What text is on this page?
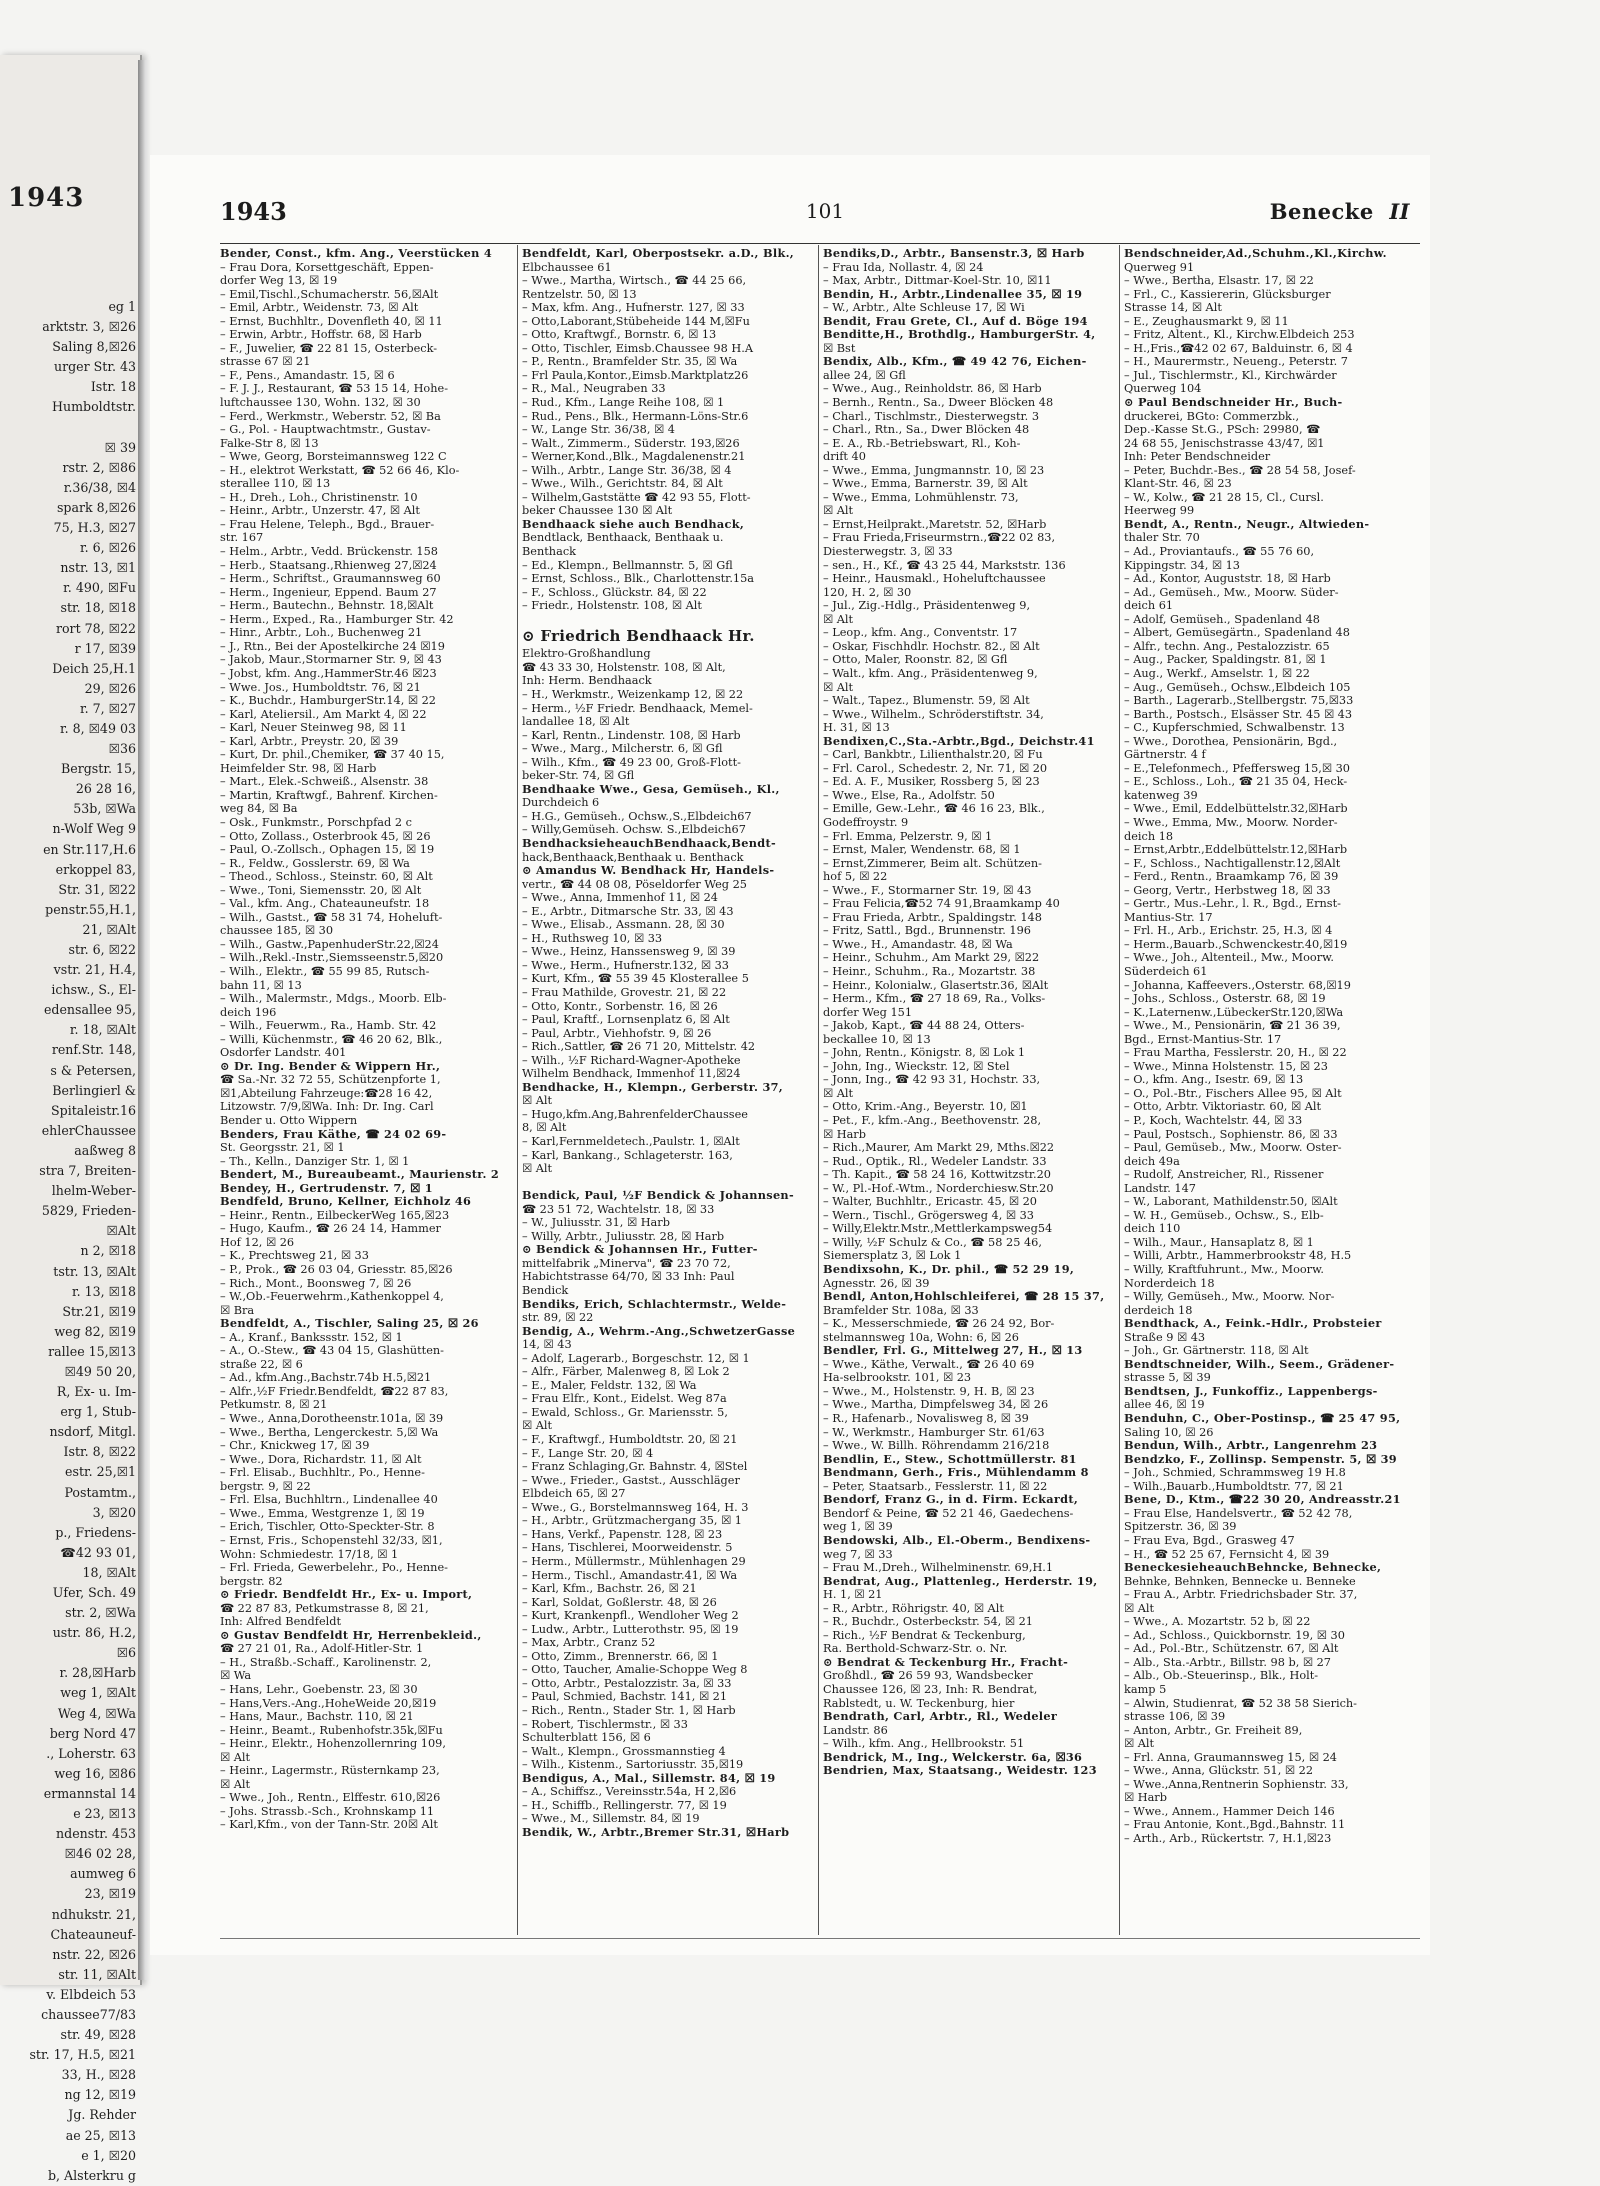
1943
eg 1
arktstr. 3, ☒26
Saling 8,☒26
urger Str. 43
Istr. 18
Humboldtstr.

☒ 39
rstr. 2, ☒86
r.36/38, ☒4
spark 8,☒26
75, H.3, ☒27
r. 6, ☒26
nstr. 13, ☒1
r. 490, ☒Fu
str. 18, ☒18
rort 78, ☒22
r 17, ☒39
Deich 25,H.1
29, ☒26
r. 7, ☒27
r. 8, ☒49 03
☒36
Bergstr. 15,
26 28 16,
53b, ☒Wa
n-Wolf Weg 9
en Str.117,H.6
erkoppel 83,
Str. 31, ☒22
penstr.55,H.1,
21, ☒Alt
str. 6, ☒22
vstr. 21, H.4,
ichsw., S., El-
edensallee 95,
r. 18, ☒Alt
renf.Str. 148,
s & Petersen,
Berlingierl &
Spitaleistr.16
ehlerChaussee
aaßweg 8
stra 7, Breiten-
lhelm-Weber-
5829, Frieden-
☒Alt
n 2, ☒18
tstr. 13, ☒Alt
r. 13, ☒18
Str.21, ☒19
weg 82, ☒19
rallee 15,☒13
☒49 50 20,
R, Ex- u. Im-
erg 1, Stub-
nsdorf, Mitgl.
Istr. 8, ☒22
estr. 25,☒1
Postamtm.,
3, ☒20
p., Friedens-
☎42 93 01,
18, ☒Alt
Ufer, Sch. 49
str. 2, ☒Wa
ustr. 86, H.2,
☒6
r. 28,☒Harb
weg 1, ☒Alt
Weg 4, ☒Wa
berg Nord 47
., Loherstr. 63
weg 16, ☒86
ermannstal 14
e 23, ☒13
ndenstr. 453
☒46 02 28,
aumweg 6
23, ☒19
ndhukstr. 21,
Chateauneuf-
nstr. 22, ☒26
str. 11, ☒Alt
v. Elbdeich 53
chaussee77/83
str. 49, ☒28
str. 17, H.5, ☒21
33, H., ☒28
ng 12, ☒19
Jg. Rehder
ae 25, ☒13
e 1, ☒20
b, Alsterkru g
1943	101	Benecke II
Bender, Const., kfm. Ang., Veerstücken 4
– Frau Dora, Korsettgeschäft, Eppen-
dorfer Weg 13, ☒ 19
– Emil,Tischl.,Schumacherstr. 56,☒Alt
– Emil, Arbtr., Weidenstr. 73, ☒ Alt
– Ernst, Buchhltr., Dovenfleth 40, ☒ 11
– Erwin, Arbtr., Hoffstr. 68, ☒ Harb
– F., Juwelier, ☎ 22 81 15, Osterbeck-
strasse 67 ☒ 21
– F., Pens., Amandastr. 15, ☒ 6
– F. J. J., Restaurant, ☎ 53 15 14, Hohe-
luftchaussee 130, Wohn. 132, ☒ 30
– Ferd., Werkmstr., Weberstr. 52, ☒ Ba
– G., Pol. - Hauptwachtmstr., Gustav-
Falke-Str 8, ☒ 13
– Wwe, Georg, Borsteimannsweg 122 C
– H., elektrot Werkstatt, ☎ 52 66 46, Klo-
sterallee 110, ☒ 13
– H., Dreh., Loh., Christinenstr. 10
– Heinr., Arbtr., Unzerstr. 47, ☒ Alt
– Frau Helene, Teleph., Bgd., Brauer-
str. 167
– Helm., Arbtr., Vedd. Brückenstr. 158
– Herb., Staatsang.,Rhienweg 27,☒24
– Herm., Schriftst., Graumannsweg 60
– Herm., Ingenieur, Eppend. Baum 27
– Herm., Bautechn., Behnstr. 18,☒Alt
– Herm., Exped., Ra., Hamburger Str. 42
– Hinr., Arbtr., Loh., Buchenweg 21
– J., Rtn., Bei der Apostelkirche 24 ☒19
– Jakob, Maur.,Stormarner Str. 9, ☒ 43
– Jobst, kfm. Ang.,HammerStr.46 ☒23
– Wwe. Jos., Humboldtstr. 76, ☒ 21
– K., Buchdr., HamburgerStr.14, ☒ 22
– Karl, Ateliersil., Am Markt 4, ☒ 22
– Karl, Neuer Steinweg 98, ☒ 11
– Karl, Arbtr., Preystr. 20, ☒ 39
– Kurt, Dr. phil.,Chemiker, ☎ 37 40 15,
Heimfelder Str. 98, ☒ Harb
– Mart., Elek.-Schweiß., Alsenstr. 38
– Martin, Kraftwgf., Bahrenf. Kirchen-
weg 84, ☒ Ba
– Osk., Funkmstr., Porschpfad 2 c
– Otto, Zollass., Osterbrook 45, ☒ 26
– Paul, O.-Zollsch., Ophagen 15, ☒ 19
– R., Feldw., Gosslerstr. 69, ☒ Wa
– Theod., Schloss., Steinstr. 60, ☒ Alt
– Wwe., Toni, Siemensstr. 20, ☒ Alt
– Val., kfm. Ang., Chateauneufstr. 18
– Wilh., Gastst., ☎ 58 31 74, Hoheluft-
chaussee 185, ☒ 30
– Wilh., Gastw.,PapenhuderStr.22,☒24
– Wilh.,Rekl.-Instr.,Siemsseenstr.5,☒20
– Wilh., Elektr., ☎ 55 99 85, Rutsch-
bahn 11, ☒ 13
– Wilh., Malermstr., Mdgs., Moorb. Elb-
deich 196
– Wilh., Feuerwm., Ra., Hamb. Str. 42
– Willi, Küchenmstr., ☎ 46 20 62, Blk.,
Osdorfer Landstr. 401
⊙ Dr. Ing. Bender & Wippern Hr.,
☎ Sa.-Nr. 32 72 55, Schützenpforte 1,
☒1,Abteilung Fahrzeuge:☎28 16 42,
Litzowstr. 7/9,☒Wa. Inh: Dr. Ing. Carl
Bender u. Otto Wippern
Benders, Frau Käthe, ☎ 24 02 69-
St. Georgsstr. 21, ☒ 1
– Th., Kelln., Danziger Str. 1, ☒ 1
Bendert, M., Bureaubeamt., Maurienstr. 2
Bendey, H., Gertrudenstr. 7, ☒ 1
Bendfeld, Bruno, Kellner, Eichholz 46
– Heinr., Rentn., EilbeckerWeg 165,☒23
– Hugo, Kaufm., ☎ 26 24 14, Hammer
Hof 12, ☒ 26
– K., Prechtsweg 21, ☒ 33
– P., Prok., ☎ 26 03 04, Griesstr. 85,☒26
– Rich., Mont., Boonsweg 7, ☒ 26
– W.,Ob.-Feuerwehrm.,Kathenkoppel 4,
☒ Bra
Bendfeldt, A., Tischler, Saling 25, ☒ 26
– A., Kranf., Bankssstr. 152, ☒ 1
– A., O.-Stew., ☎ 43 04 15, Glashütten-
straße 22, ☒ 6
– Ad., kfm.Ang.,Bachstr.74b H.5,☒21
– Alfr.,½F Friedr.Bendfeldt, ☎22 87 83,
Petkumstr. 8, ☒ 21
– Wwe., Anna,Dorotheenstr.101a, ☒ 39
– Wwe., Bertha, Lengerckestr. 5,☒ Wa
– Chr., Knickweg 17, ☒ 39
– Wwe., Dora, Richardstr. 11, ☒ Alt
– Frl. Elisab., Buchhltr., Po., Henne-
bergstr. 9, ☒ 22
– Frl. Elsa, Buchhltrn., Lindenallee 40
– Wwe., Emma, Westgrenze 1, ☒ 19
– Erich, Tischler, Otto-Speckter-Str. 8
– Ernst, Fris., Schopenstehl 32/33, ☒1,
Wohn: Schmiedestr. 17/18, ☒ 1
– Frl. Frieda, Gewerbelehr., Po., Henne-
bergstr. 82
⊙ Friedr. Bendfeldt Hr., Ex- u. Import,
☎ 22 87 83, Petkumstrasse 8, ☒ 21,
Inh: Alfred Bendfeldt
⊙ Gustav Bendfeldt Hr, Herrenbekleid.,
☎ 27 21 01, Ra., Adolf-Hitler-Str. 1
– H., Straßb.-Schaff., Karolinenstr. 2,
☒ Wa
– Hans, Lehr., Goebenstr. 23, ☒ 30
– Hans,Vers.-Ang.,HoheWeide 20,☒19
– Hans, Maur., Bachstr. 110, ☒ 21
– Heinr., Beamt., Rubenhofstr.35k,☒Fu
– Heinr., Elektr., Hohenzollernring 109,
☒ Alt
– Heinr., Lagermstr., Rüsternkamp 23,
☒ Alt
– Wwe., Joh., Rentn., Elffestr. 610,☒26
– Johs. Strassb.-Sch., Krohnskamp 11
– Karl,Kfm., von der Tann-Str. 20☒ Alt
Bendfeldt, Karl, Oberpostsekr. a.D., Blk.,
Elbchaussee 61
– Wwe., Martha, Wirtsch., ☎ 44 25 66,
Rentzelstr. 50, ☒ 13
– Max, kfm. Ang., Hufnerstr. 127, ☒ 33
– Otto,Laborant,Stübeheide 144 M,☒Fu
– Otto, Kraftwgf., Bornstr. 6, ☒ 13
– Otto, Tischler, Eimsb.Chaussee 98 H.A
– P., Rentn., Bramfelder Str. 35, ☒ Wa
– Frl Paula,Kontor.,Eimsb.Marktplatz26
– R., Mal., Neugraben 33
– Rud., Kfm., Lange Reihe 108, ☒ 1
– Rud., Pens., Blk., Hermann-Löns-Str.6
– W., Lange Str. 36/38, ☒ 4
– Walt., Zimmerm., Süderstr. 193,☒26
– Werner,Kond.,Blk., Magdalenenstr.21
– Wilh., Arbtr., Lange Str. 36/38, ☒ 4
– Wwe., Wilh., Gerichtstr. 84, ☒ Alt
– Wilhelm,Gaststätte ☎ 42 93 55, Flott-
beker Chaussee 130 ☒ Alt
Bendhaack siehe auch Bendhack,
Bendtlack, Benthaack, Benthaak u.
Benthack
– Ed., Klempn., Bellmannstr. 5, ☒ Gfl
– Ernst, Schloss., Blk., Charlottenstr.15a
– F., Schloss., Glückstr. 84, ☒ 22
– Friedr., Holstenstr. 108, ☒ Alt

⊙ Friedrich Bendhaack Hr.
Elektro-Großhandlung
☎ 43 33 30, Holstenstr. 108, ☒ Alt,
Inh: Herm. Bendhaack
– H., Werkmstr., Weizenkamp 12, ☒ 22
– Herm., ½F Friedr. Bendhaack, Memel-
landallee 18, ☒ Alt
– Karl, Rentn., Lindenstr. 108, ☒ Harb
– Wwe., Marg., Milcherstr. 6, ☒ Gfl
– Wilh., Kfm., ☎ 49 23 00, Groß-Flott-
beker-Str. 74, ☒ Gfl
Bendhaake Wwe., Gesa, Gemüseh., Kl.,
Durchdeich 6
– H.G., Gemüseh., Ochsw.,S.,Elbdeich67
– Willy,Gemüseh. Ochsw. S.,Elbdeich67
BendhacksieheauchBendhaack,Bendt-
hack,Benthaack,Benthaak u. Benthack
⊙ Amandus W. Bendhack Hr, Handels-
vertr., ☎ 44 08 08, Pöseldorfer Weg 25
– Wwe., Anna, Immenhof 11, ☒ 24
– E., Arbtr., Ditmarsche Str. 33, ☒ 43
– Wwe., Elisab., Assmann. 28, ☒ 30
– H., Ruthsweg 10, ☒ 33
– Wwe., Heinz, Hanssensweg 9, ☒ 39
– Wwe., Herm., Hufnerstr.132, ☒ 33
– Kurt, Kfm., ☎ 55 39 45 Klosterallee 5
– Frau Mathilde, Grovestr. 21, ☒ 22
– Otto, Kontr., Sorbenstr. 16, ☒ 26
– Paul, Kraftf., Lornsenplatz 6, ☒ Alt
– Paul, Arbtr., Viehhofstr. 9, ☒ 26
– Rich.,Sattler, ☎ 26 71 20, Mittelstr. 42
– Wilh., ½F Richard-Wagner-Apotheke
Wilhelm Bendhack, Immenhof 11,☒24
Bendhacke, H., Klempn., Gerberstr. 37,
☒ Alt
– Hugo,kfm.Ang,BahrenfelderChaussee
8, ☒ Alt
– Karl,Fernmeldetech.,Paulstr. 1, ☒Alt
– Karl, Bankang., Schlageterstr. 163,
☒ Alt

Bendick, Paul, ½F Bendick & Johannsen-
☎ 23 51 72, Wachtelstr. 18, ☒ 33
– W., Juliusstr. 31, ☒ Harb
– Willy, Arbtr., Juliusstr. 28, ☒ Harb
⊙ Bendick & Johannsen Hr., Futter-
mittelfabrik „Minerva", ☎ 23 70 72,
Habichtstrasse 64/70, ☒ 33 Inh: Paul
Bendick
Bendiks, Erich, Schlachtermstr., Welde-
str. 89, ☒ 22
Bendig, A., Wehrm.-Ang.,SchwetzerGasse
14, ☒ 43
– Adolf, Lagerarb., Borgeschstr. 12, ☒ 1
– Alfr., Färber, Malenweg 8, ☒ Lok 2
– E., Maler, Feldstr. 132, ☒ Wa
– Frau Elfr., Kont., Eidelst. Weg 87a
– Ewald, Schloss., Gr. Mariensstr. 5,
☒ Alt
– F., Kraftwgf., Humboldtstr. 20, ☒ 21
– F., Lange Str. 20, ☒ 4
– Franz Schlaging,Gr. Bahnstr. 4, ☒Stel
– Wwe., Frieder., Gastst., Ausschläger
Elbdeich 65, ☒ 27
– Wwe., G., Borstelmannsweg 164, H. 3
– H., Arbtr., Grützmachergang 35, ☒ 1
– Hans, Verkf., Papenstr. 128, ☒ 23
– Hans, Tischlerei, Moorweidenstr. 5
– Herm., Müllermstr., Mühlenhagen 29
– Herm., Tischl., Amandastr.41, ☒ Wa
– Karl, Kfm., Bachstr. 26, ☒ 21
– Karl, Soldat, Goßlerstr. 48, ☒ 26
– Kurt, Krankenpfl., Wendloher Weg 2
– Ludw., Arbtr., Lutterothstr. 95, ☒ 19
– Max, Arbtr., Cranz 52
– Otto, Zimm., Brennerstr. 66, ☒ 1
– Otto, Taucher, Amalie-Schoppe Weg 8
– Otto, Arbtr., Pestalozzistr. 3a, ☒ 33
– Paul, Schmied, Bachstr. 141, ☒ 21
– Rich., Rentn., Stader Str. 1, ☒ Harb
– Robert, Tischlermstr., ☒ 33
Schulterblatt 156, ☒ 6
– Walt., Klempn., Grossmannstieg 4
– Wilh., Kistenm., Sartoriusstr. 35,☒19
Bendigus, A., Mal., Sillemstr. 84, ☒ 19
– A., Schiffsz., Vereinsstr.54a, H 2,☒6
– H., Schiffb., Rellingerstr. 77, ☒ 19
– Wwe., M., Sillemstr. 84, ☒ 19
Bendik, W., Arbtr.,Bremer Str.31, ☒Harb
Bendiks,D., Arbtr., Bansenstr.3, ☒ Harb
– Frau Ida, Nollastr. 4, ☒ 24
– Max, Arbtr., Dittmar-Koel-Str. 10, ☒11
Bendin, H., Arbtr.,Lindenallee 35, ☒ 19
– W., Arbtr., Alte Schleuse 17, ☒ Wi
Bendit, Frau Grete, Cl., Auf d. Böge 194
Benditte,H., Brothdlg., HamburgerStr. 4,
☒ Bst
Bendix, Alb., Kfm., ☎ 49 42 76, Eichen-
allee 24, ☒ Gfl
– Wwe., Aug., Reinholdstr. 86, ☒ Harb
– Bernh., Rentn., Sa., Dweer Blöcken 48
– Charl., Tischlmstr., Diesterwegstr. 3
– Charl., Rtn., Sa., Dwer Blöcken 48
– E. A., Rb.-Betriebswart, Rl., Koh-
drift 40
– Wwe., Emma, Jungmannstr. 10, ☒ 23
– Wwe., Emma, Barnerstr. 39, ☒ Alt
– Wwe., Emma, Lohmühlenstr. 73,
☒ Alt
– Ernst,Heilprakt.,Maretstr. 52, ☒Harb
– Frau Frieda,Friseurmstrn.,☎22 02 83,
Diesterwegstr. 3, ☒ 33
– sen., H., Kf., ☎ 43 25 44, Markststr. 136
– Heinr., Hausmakl., Hoheluftchaussee
120, H. 2, ☒ 30
– Jul., Zig.-Hdlg., Präsidentenweg 9,
☒ Alt
– Leop., kfm. Ang., Conventstr. 17
– Oskar, Fischhdlr. Hochstr. 82., ☒ Alt
– Otto, Maler, Roonstr. 82, ☒ Gfl
– Walt., kfm. Ang., Präsidentenweg 9,
☒ Alt
– Walt., Tapez., Blumenstr. 59, ☒ Alt
– Wwe., Wilhelm., Schröderstiftstr. 34,
H. 31, ☒ 13
Bendixen,C.,Sta.-Arbtr.,Bgd., Deichstr.41
– Carl, Bankbtr., Lilienthalstr.20, ☒ Fu
– Frl. Carol., Schedestr. 2, Nr. 71, ☒ 20
– Ed. A. F., Musiker, Rossberg 5, ☒ 23
– Wwe., Else, Ra., Adolfstr. 50
– Emille, Gew.-Lehr., ☎ 46 16 23, Blk.,
Godeffroystr. 9
– Frl. Emma, Pelzerstr. 9, ☒ 1
– Ernst, Maler, Wendenstr. 68, ☒ 1
– Ernst,Zimmerer, Beim alt. Schützen-
hof 5, ☒ 22
– Wwe., F., Stormarner Str. 19, ☒ 43
– Frau Felicia,☎52 74 91,Braamkamp 40
– Frau Frieda, Arbtr., Spaldingstr. 148
– Fritz, Sattl., Bgd., Brunnenstr. 196
– Wwe., H., Amandastr. 48, ☒ Wa
– Heinr., Schuhm., Am Markt 29, ☒22
– Heinr., Schuhm., Ra., Mozartstr. 38
– Heinr., Kolonialw., Glasertstr.36, ☒Alt
– Herm., Kfm., ☎ 27 18 69, Ra., Volks-
dorfer Weg 151
– Jakob, Kapt., ☎ 44 88 24, Otters-
beckallee 10, ☒ 13
– John, Rentn., Königstr. 8, ☒ Lok 1
– John, Ing., Wieckstr. 12, ☒ Stel
– Jonn, Ing., ☎ 42 93 31, Hochstr. 33,
☒ Alt
– Otto, Krim.-Ang., Beyerstr. 10, ☒1
– Pet., F., kfm.-Ang., Beethovenstr. 28,
☒ Harb
– Rich.,Maurer, Am Markt 29, Mths.☒22
– Rud., Optik., Rl., Wedeler Landstr. 33
– Th. Kapit., ☎ 58 24 16, Kottwitzstr.20
– W., Pl.-Hof.-Wtm., Norderchiesw.Str.20
– Walter, Buchhltr., Ericastr. 45, ☒ 20
– Wern., Tischl., Grögersweg 4, ☒ 33
– Willy,Elektr.Mstr.,Mettlerkampsweg54
– Willy, ½F Schulz & Co., ☎ 58 25 46,
Siemersplatz 3, ☒ Lok 1
Bendixsohn, K., Dr. phil., ☎ 52 29 19,
Agnesstr. 26, ☒ 39
Bendl, Anton,Hohlschleiferei, ☎ 28 15 37,
Bramfelder Str. 108a, ☒ 33
– K., Messerschmiede, ☎ 26 24 92, Bor-
stelmannsweg 10a, Wohn: 6, ☒ 26
Bendler, Frl. G., Mittelweg 27, H., ☒ 13
– Wwe., Käthe, Verwalt., ☎ 26 40 69
Ha-selbrookstr. 101, ☒ 23
– Wwe., M., Holstenstr. 9, H. B, ☒ 23
– Wwe., Martha, Dimpfelsweg 34, ☒ 26
– R., Hafenarb., Novalisweg 8, ☒ 39
– W., Werkmstr., Hamburger Str. 61/63
– Wwe., W. Billh. Röhrendamm 216/218
Bendlin, E., Stew., Schottmüllerstr. 81
Bendmann, Gerh., Fris., Mühlendamm 8
– Peter, Staatsarb., Fesslerstr. 11, ☒ 22
Bendorf, Franz G., in d. Firm. Eckardt,
Bendorf & Peine, ☎ 52 21 46, Gaedechens-
weg 1, ☒ 39
Bendowski, Alb., El.-Oberm., Bendixens-
weg 7, ☒ 33
– Frau M.,Dreh., Wilhelminenstr. 69,H.1
Bendrat, Aug., Plattenleg., Herderstr. 19,
H. 1, ☒ 21
– R., Arbtr., Röhrigstr. 40, ☒ Alt
– R., Buchdr., Osterbeckstr. 54, ☒ 21
– Rich., ½F Bendrat & Teckenburg,
Ra. Berthold-Schwarz-Str. o. Nr.
⊙ Bendrat & Teckenburg Hr., Fracht-
Großhdl., ☎ 26 59 93, Wandsbecker
Chaussee 126, ☒ 23, Inh: R. Bendrat,
Rablstedt, u. W. Teckenburg, hier
Bendrath, Carl, Arbtr., Rl., Wedeler
Landstr. 86
– Wilh., kfm. Ang., Hellbrookstr. 51
Bendrick, M., Ing., Welckerstr. 6a, ☒36
Bendrien, Max, Staatsang., Weidestr. 123
Bendschneider,Ad.,Schuhm.,Kl.,Kirchw.
Querweg 91
– Wwe., Bertha, Elsastr. 17, ☒ 22
– Frl., C., Kassiererin, Glücksburger
Strasse 14, ☒ Alt
– E., Zeughausmarkt 9, ☒ 11
– Fritz, Altent., Kl., Kirchw.Elbdeich 253
– H.,Fris.,☎42 02 67, Balduinstr. 6, ☒ 4
– H., Maurermstr., Neueng., Peterstr. 7
– Jul., Tischlermstr., Kl., Kirchwärder
Querweg 104
⊙ Paul Bendschneider Hr., Buch-
druckerei, BGto: Commerzbk.,
Dep.-Kasse St.G., PSch: 29980, ☎
24 68 55, Jenischstrasse 43/47, ☒1
Inh: Peter Bendschneider
– Peter, Buchdr.-Bes., ☎ 28 54 58, Josef-
Klant-Str. 46, ☒ 23
– W., Kolw., ☎ 21 28 15, Cl., Cursl.
Heerweg 99
Bendt, A., Rentn., Neugr., Altwieden-
thaler Str. 70
– Ad., Proviantaufs., ☎ 55 76 60,
Kippingstr. 34, ☒ 13
– Ad., Kontor, Auguststr. 18, ☒ Harb
– Ad., Gemüseh., Mw., Moorw. Süder-
deich 61
– Adolf, Gemüseh., Spadenland 48
– Albert, Gemüsegärtn., Spadenland 48
– Alfr., techn. Ang., Pestalozzistr. 65
– Aug., Packer, Spaldingstr. 81, ☒ 1
– Aug., Werkf., Amselstr. 1, ☒ 22
– Aug., Gemüseh., Ochsw.,Elbdeich 105
– Barth., Lagerarb.,Stellbergstr. 75,☒33
– Barth., Postsch., Elsässer Str. 45 ☒ 43
– C., Kupferschmied, Schwalbenstr. 13
– Wwe., Dorothea, Pensionärin, Bgd.,
Gärtnerstr. 4 f
– E.,Telefonmech., Pfeffersweg 15,☒ 30
– E., Schloss., Loh., ☎ 21 35 04, Heck-
katenweg 39
– Wwe., Emil, Eddelbüttelstr.32,☒Harb
– Wwe., Emma, Mw., Moorw. Norder-
deich 18
– Ernst,Arbtr.,Eddelbüttelstr.12,☒Harb
– F., Schloss., Nachtigallenstr.12,☒Alt
– Ferd., Rentn., Braamkamp 76, ☒ 39
– Georg, Vertr., Herbstweg 18, ☒ 33
– Gertr., Mus.-Lehr., l. R., Bgd., Ernst-
Mantius-Str. 17
– Frl. H., Arb., Erichstr. 25, H.3, ☒ 4
– Herm.,Bauarb.,Schwenckestr.40,☒19
– Wwe., Joh., Altenteil., Mw., Moorw.
Süderdeich 61
– Johanna, Kaffeevers.,Osterstr. 68,☒19
– Johs., Schloss., Osterstr. 68, ☒ 19
– K.,Laternenw.,LübeckerStr.120,☒Wa
– Wwe., M., Pensionärin, ☎ 21 36 39,
Bgd., Ernst-Mantius-Str. 17
– Frau Martha, Fesslerstr. 20, H., ☒ 22
– Wwe., Minna Holstenstr. 15, ☒ 23
– O., kfm. Ang., Isestr. 69, ☒ 13
– O., Pol.-Btr., Fischers Allee 95, ☒ Alt
– Otto, Arbtr. Viktoriastr. 60, ☒ Alt
– P., Koch, Wachtelstr. 44, ☒ 33
– Paul, Postsch., Sophienstr. 86, ☒ 33
– Paul, Gemüseb., Mw., Moorw. Oster-
deich 49a
– Rudolf, Anstreicher, Rl., Rissener
Landstr. 147
– W., Laborant, Mathildenstr.50, ☒Alt
– W. H., Gemüseb., Ochsw., S., Elb-
deich 110
– Wilh., Maur., Hansaplatz 8, ☒ 1
– Willi, Arbtr., Hammerbrookstr 48, H.5
– Willy, Kraftfuhrunt., Mw., Moorw.
Norderdeich 18
– Willy, Gemüseh., Mw., Moorw. Nor-
derdeich 18
Bendthack, A., Feink.-Hdlr., Probsteier
Straße 9 ☒ 43
– Joh., Gr. Gärtnerstr. 118, ☒ Alt
Bendtschneider, Wilh., Seem., Grädener-
strasse 5, ☒ 39
Bendtsen, J., Funkoffiz., Lappenbergs-
allee 46, ☒ 19
Benduhn, C., Ober-Postinsp., ☎ 25 47 95,
Saling 10, ☒ 26
Bendun, Wilh., Arbtr., Langenrehm 23
Bendzko, F., Zollinsp. Sempenstr. 5, ☒ 39
– Joh., Schmied, Schrammsweg 19 H.8
– Wilh.,Bauarb.,Humboldtstr. 77, ☒ 21
Bene, D., Ktm., ☎22 30 20, Andreasstr.21
– Frau Else, Handelsvertr., ☎ 52 42 78,
Spitzerstr. 36, ☒ 39
– Frau Eva, Bgd., Grasweg 47
– H., ☎ 52 25 67, Fernsicht 4, ☒ 39
BeneckesieheauchBehncke, Behnecke,
Behnke, Behnken, Bennecke u. Benneke
– Frau A., Arbtr. Friedrichsbader Str. 37,
☒ Alt
– Wwe., A. Mozartstr. 52 b, ☒ 22
– Ad., Schloss., Quickbornstr. 19, ☒ 30
– Ad., Pol.-Btr., Schützenstr. 67, ☒ Alt
– Alb., Sta.-Arbtr., Billstr. 98 b, ☒ 27
– Alb., Ob.-Steuerinsp., Blk., Holt-
kamp 5
– Alwin, Studienrat, ☎ 52 38 58 Sierich-
strasse 106, ☒ 39
– Anton, Arbtr., Gr. Freiheit 89,
☒ Alt
– Frl. Anna, Graumannsweg 15, ☒ 24
– Wwe., Anna, Glückstr. 51, ☒ 22
– Wwe.,Anna,Rentnerin Sophienstr. 33,
☒ Harb
– Wwe., Annem., Hammer Deich 146
– Frau Antonie, Kont.,Bgd.,Bahnstr. 11
– Arth., Arb., Rückertstr. 7, H.1,☒23
